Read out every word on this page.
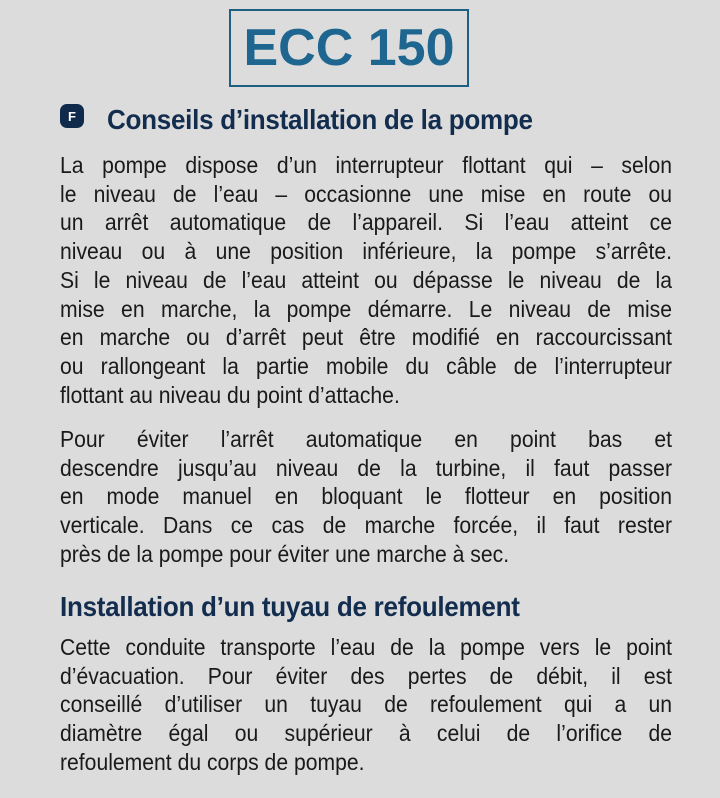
ECC 150
F Conseils d’installation de la pompe
La pompe dispose d’un interrupteur flottant qui – selon
le niveau de l’eau – occasionne une mise en route ou
un arrêt automatique de l’appareil. Si l’eau atteint ce
niveau ou à une position inférieure, la pompe s’arrête.
Si le niveau de l’eau atteint ou dépasse le niveau de la
mise en marche, la pompe démarre. Le niveau de mise
en marche ou d’arrêt peut être modifié en raccourcissant
ou rallongeant la partie mobile du câble de l’interrupteur
flottant au niveau du point d’attache.
Pour éviter l’arrêt automatique en point bas et
descendre jusqu’au niveau de la turbine, il faut passer
en mode manuel en bloquant le flotteur en position
verticale. Dans ce cas de marche forcée, il faut rester
près de la pompe pour éviter une marche à sec.
Installation d’un tuyau de refoulement
Cette conduite transporte l’eau de la pompe vers le point
d’évacuation. Pour éviter des pertes de débit, il est
conseillé d’utiliser un tuyau de refoulement qui a un
diamètre égal ou supérieur à celui de l’orifice de
refoulement du corps de pompe.
